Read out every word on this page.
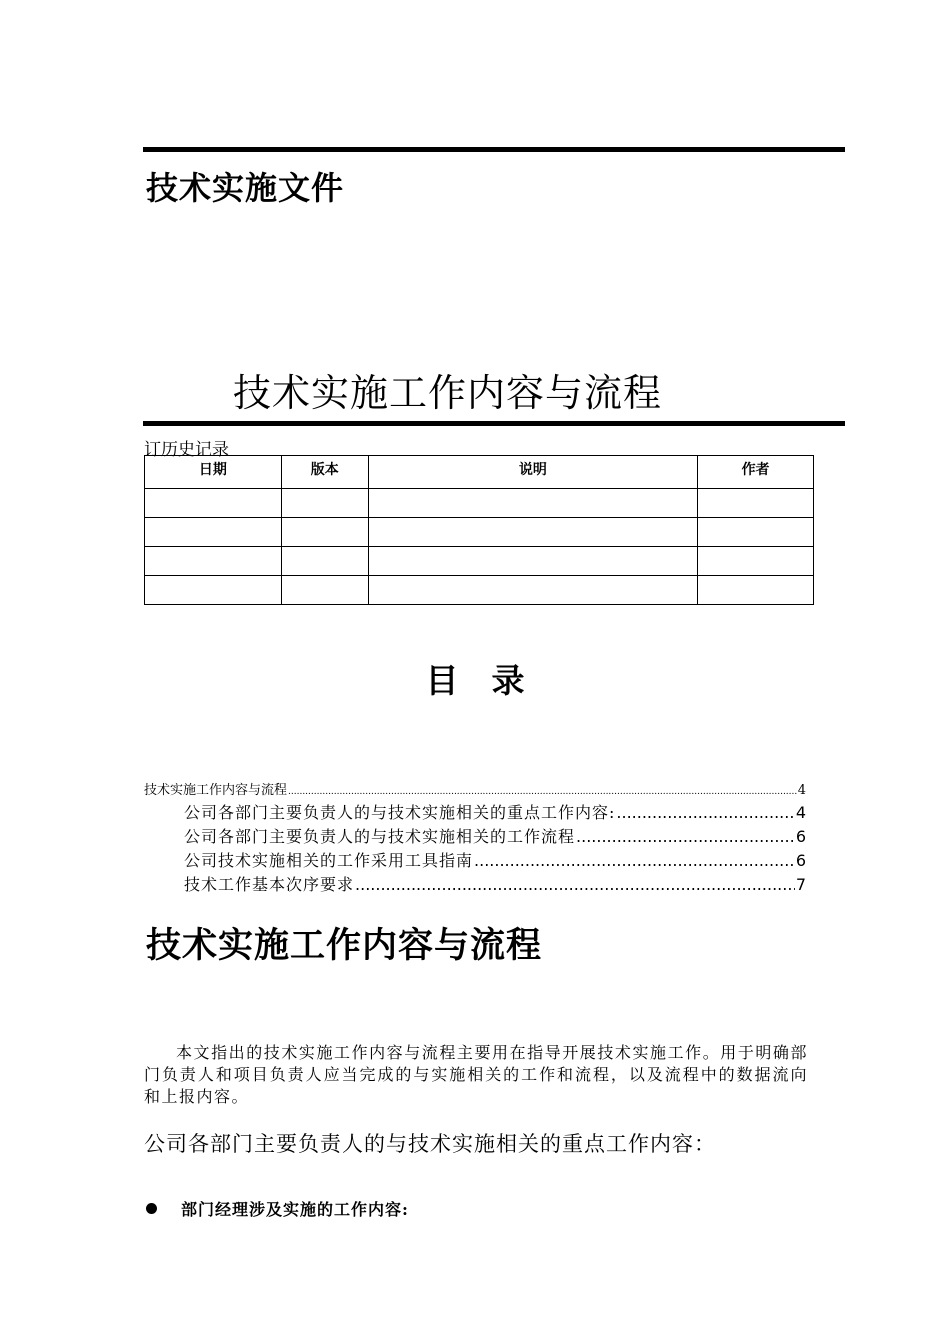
技术实施文件
技术实施工作内容与流程
订历史记录
日期	版本	说明	作者

目　录
技术实施工作内容与流程 .....	4
公司各部门主要负责人的与技术实施相关的重点工作内容: .....	4
公司各部门主要负责人的与技术实施相关的工作流程 .....	6
公司技术实施相关的工作采用工具指南 .....	6
技术工作基本次序要求 .....	7
技术实施工作内容与流程
本文指出的技术实施工作内容与流程主要用在指导开展技术实施工作。用于明确部门负责人和项目负责人应当完成的与实施相关的工作和流程，以及流程中的数据流向和上报内容。
公司各部门主要负责人的与技术实施相关的重点工作内容：
部门经理涉及实施的工作内容:
